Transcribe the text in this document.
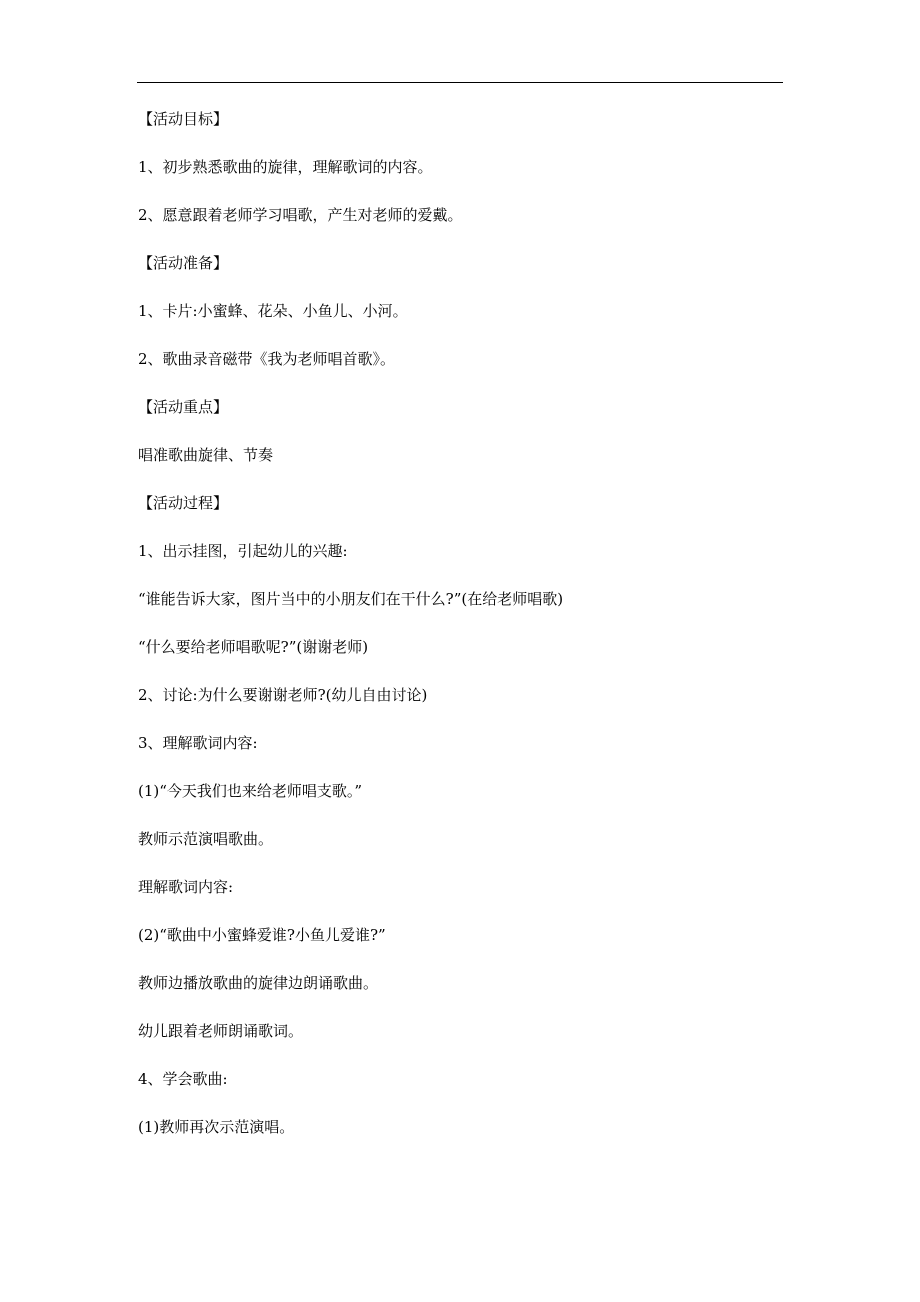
【活动目标】
1、初步熟悉歌曲的旋律，理解歌词的内容。
2、愿意跟着老师学习唱歌，产生对老师的爱戴。
【活动准备】
1、卡片:小蜜蜂、花朵、小鱼儿、小河。
2、歌曲录音磁带《我为老师唱首歌》。
【活动重点】
唱准歌曲旋律、节奏
【活动过程】
1、出示挂图，引起幼儿的兴趣:
“谁能告诉大家，图片当中的小朋友们在干什么?”(在给老师唱歌)
“什么要给老师唱歌呢?”(谢谢老师)
2、讨论:为什么要谢谢老师?(幼儿自由讨论)
3、理解歌词内容:
(1)“今天我们也来给老师唱支歌。”
教师示范演唱歌曲。
理解歌词内容:
(2)“歌曲中小蜜蜂爱谁?小鱼儿爱谁?”
教师边播放歌曲的旋律边朗诵歌曲。
幼儿跟着老师朗诵歌词。
4、学会歌曲:
(1)教师再次示范演唱。
